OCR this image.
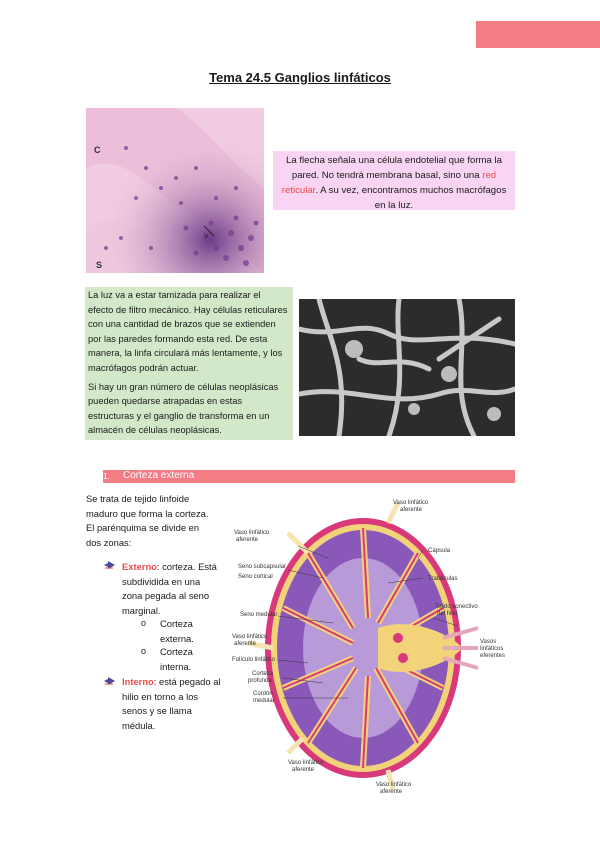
Tema 24.5 Ganglios linfáticos
C
S
V
La flecha señala una célula endotelial que forma la pared. No tendrá membrana basal, sino una red reticular. A su vez, encontramos muchos macrófagos en la luz.

La luz va a estar tamizada para realizar el efecto de filtro mecánico. Hay células reticulares con una cantidad de brazos que se extienden por las paredes formando esta red. De esta manera, la linfa circulará más lentamente, y los macrófagos podrán actuar.

Si hay un gran número de células neoplásicas pueden quedarse atrapadas en estas estructuras y el ganglio de transforma en un almacén de células neoplásicas.

1. Corteza externa
Se trata de tejido linfoide maduro que forma la corteza. El parénquima se divide en dos zonas:
Externo: corteza. Está subdividida en una zona pegada al seno marginal.
o Corteza externa.
o Corteza interna.
Interno: está pegado al hilio en torno a los senos y se llama médula.
Vaso linfático
aferente
Vaso linfático
aferente
Cápsula
Seno subcapsular
Seno cortical	Trabéculas
Seno medular
Tejido conectivo
del hilio
Vaso linfático
aferente	Vasos
linfáticos
eferentes
Folículo linfático
Corteza
profunda
Cordón
medular
Vaso linfático
aferente
Vaso linfático
aferente
